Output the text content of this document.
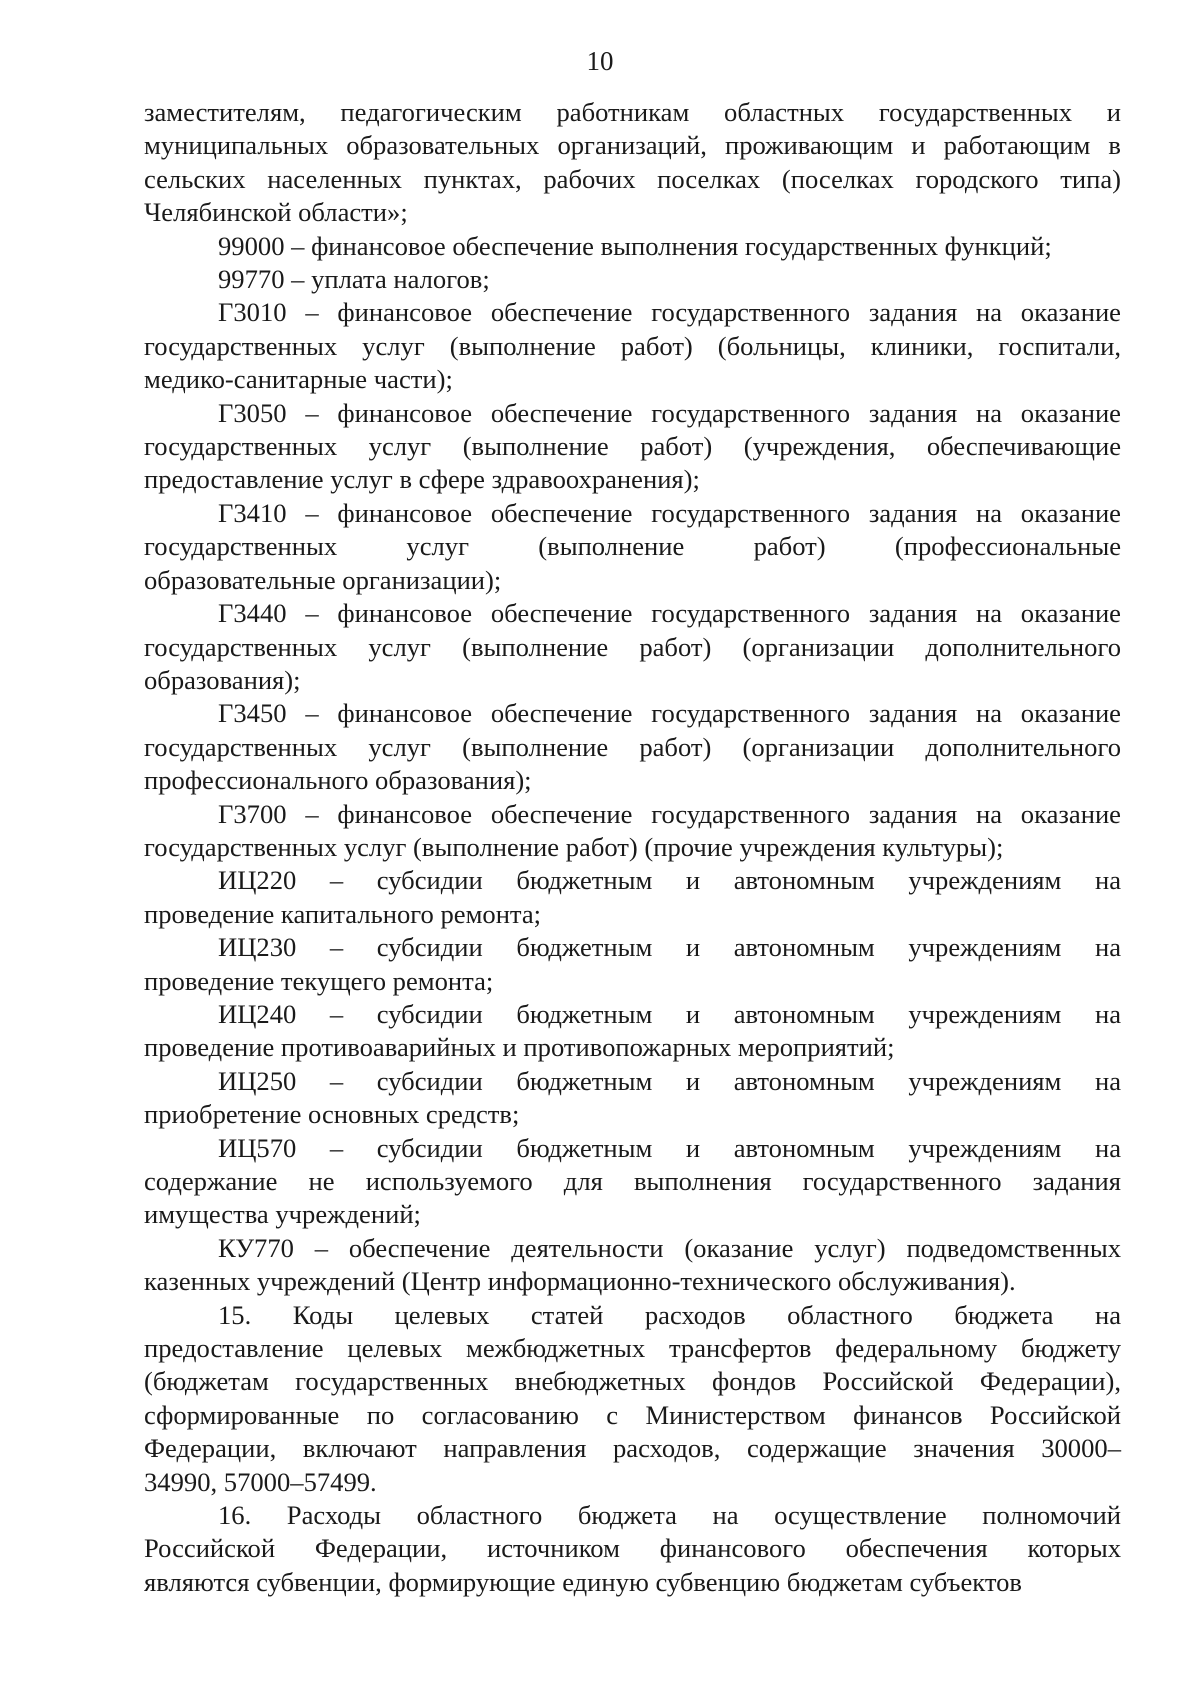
10

заместителям, педагогическим работникам областных государственных и муниципальных образовательных организаций, проживающим и работающим в сельских населенных пунктах, рабочих поселках (поселках городского типа) Челябинской области»;

99000 – финансовое обеспечение выполнения государственных функций;

99770 – уплата налогов;

Г3010 – финансовое обеспечение государственного задания на оказание государственных услуг (выполнение работ) (больницы, клиники, госпитали, медико-санитарные части);

Г3050 – финансовое обеспечение государственного задания на оказание государственных услуг (выполнение работ) (учреждения, обеспечивающие предоставление услуг в сфере здравоохранения);

Г3410 – финансовое обеспечение государственного задания на оказание государственных услуг (выполнение работ) (профессиональные образовательные организации);

Г3440 – финансовое обеспечение государственного задания на оказание государственных услуг (выполнение работ) (организации дополнительного образования);

Г3450 – финансовое обеспечение государственного задания на оказание государственных услуг (выполнение работ) (организации дополнительного профессионального образования);

Г3700 – финансовое обеспечение государственного задания на оказание государственных услуг (выполнение работ) (прочие учреждения культуры);

ИЦ220 – субсидии бюджетным и автономным учреждениям на проведение капитального ремонта;

ИЦ230 – субсидии бюджетным и автономным учреждениям на проведение текущего ремонта;

ИЦ240 – субсидии бюджетным и автономным учреждениям на проведение противоаварийных и противопожарных мероприятий;

ИЦ250 – субсидии бюджетным и автономным учреждениям на приобретение основных средств;

ИЦ570 – субсидии бюджетным и автономным учреждениям на содержание не используемого для выполнения государственного задания имущества учреждений;

КУ770 – обеспечение деятельности (оказание услуг) подведомственных казенных учреждений (Центр информационно-технического обслуживания).

15. Коды целевых статей расходов областного бюджета на предоставление целевых межбюджетных трансфертов федеральному бюджету (бюджетам государственных внебюджетных фондов Российской Федерации), сформированные по согласованию с Министерством финансов Российской Федерации, включают направления расходов, содержащие значения 30000– 34990, 57000–57499.

16. Расходы областного бюджета на осуществление полномочий Российской Федерации, источником финансового обеспечения которых являются субвенции, формирующие единую субвенцию бюджетам субъектов
